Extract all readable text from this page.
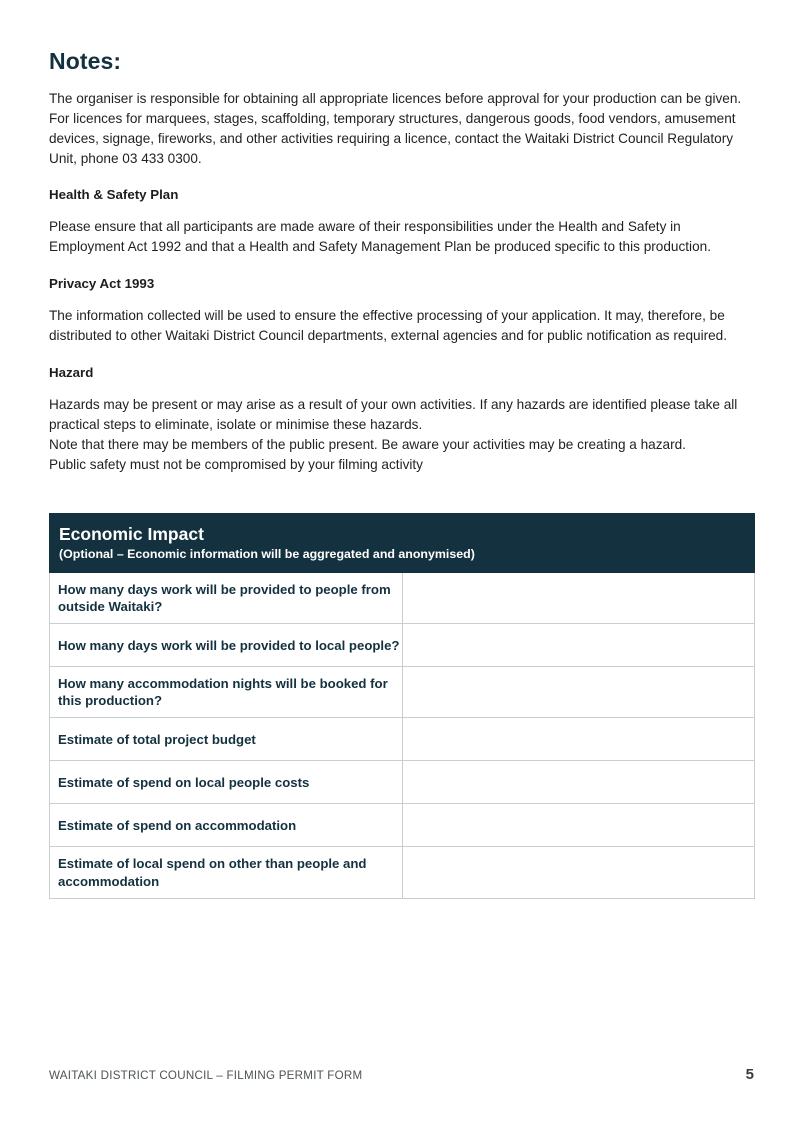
Notes:

The organiser is responsible for obtaining all appropriate licences before approval for your production can be given. For licences for marquees, stages, scaffolding, temporary structures, dangerous goods, food vendors, amusement devices, signage, fireworks, and other activities requiring a licence, contact the Waitaki District Council Regulatory Unit, phone 03 433 0300.

Health & Safety Plan

Please ensure that all participants are made aware of their responsibilities under the Health and Safety in Employment Act 1992 and that a Health and Safety Management Plan be produced specific to this production.

Privacy Act 1993

The information collected will be used to ensure the effective processing of your application. It may, therefore, be distributed to other Waitaki District Council departments, external agencies and for public notification as required.

Hazard

Hazards may be present or may arise as a result of your own activities. If any hazards are identified please take all practical steps to eliminate, isolate or minimise these hazards.

Note that there may be members of the public present. Be aware your activities may be creating a hazard.

Public safety must not be compromised by your filming activity

Economic Impact
(Optional – Economic information will be aggregated and anonymised)	

How many days work will be provided to people from outside Waitaki?	
How many days work will be provided to local people?	
How many accommodation nights will be booked for this production?	
Estimate of total project budget	
Estimate of spend on local people costs	
Estimate of spend on accommodation	
Estimate of local spend on other than people and accommodation	
WAITAKI DISTRICT COUNCIL – FILMING PERMIT FORM	5
